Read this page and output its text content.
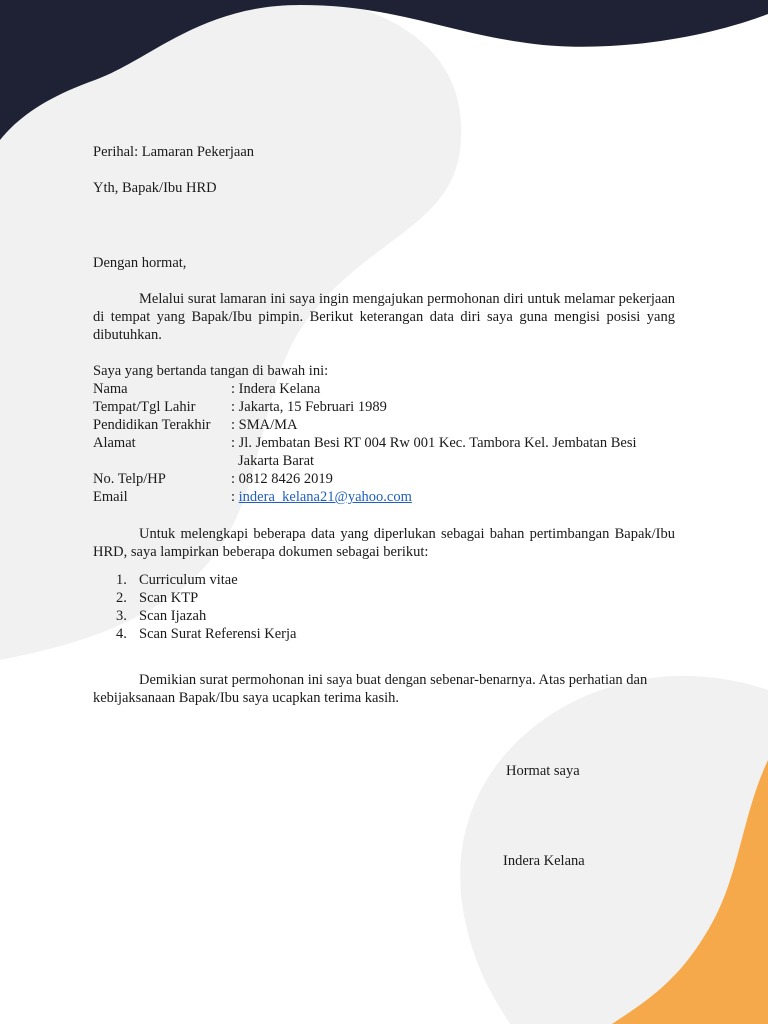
Perihal: Lamaran Pekerjaan
Yth, Bapak/Ibu HRD
Dengan hormat,
Melalui surat lamaran ini saya ingin mengajukan permohonan diri untuk melamar pekerjaan di tempat yang Bapak/Ibu pimpin. Berikut keterangan data diri saya guna mengisi posisi yang dibutuhkan.
Saya yang bertanda tangan di bawah ini:
Nama	: Indera Kelana
Tempat/Tgl Lahir : Jakarta, 15 Februari 1989
Pendidikan Terakhir : SMA/MA
Alamat	: Jl. Jembatan Besi RT 004 Rw 001 Kec. Tambora Kel. Jembatan Besi
Jakarta Barat
No. Telp/HP	: 0812 8426 2019
Email	: indera_kelana21@yahoo.com
Untuk melengkapi beberapa data yang diperlukan sebagai bahan pertimbangan Bapak/Ibu HRD, saya lampirkan beberapa dokumen sebagai berikut:
1. Curriculum vitae
2. Scan KTP
3. Scan Ijazah
4. Scan Surat Referensi Kerja
Demikian surat permohonan ini saya buat dengan sebenar-benarnya. Atas perhatian dan kebijaksanaan Bapak/Ibu saya ucapkan terima kasih.
Hormat saya
Indera Kelana
